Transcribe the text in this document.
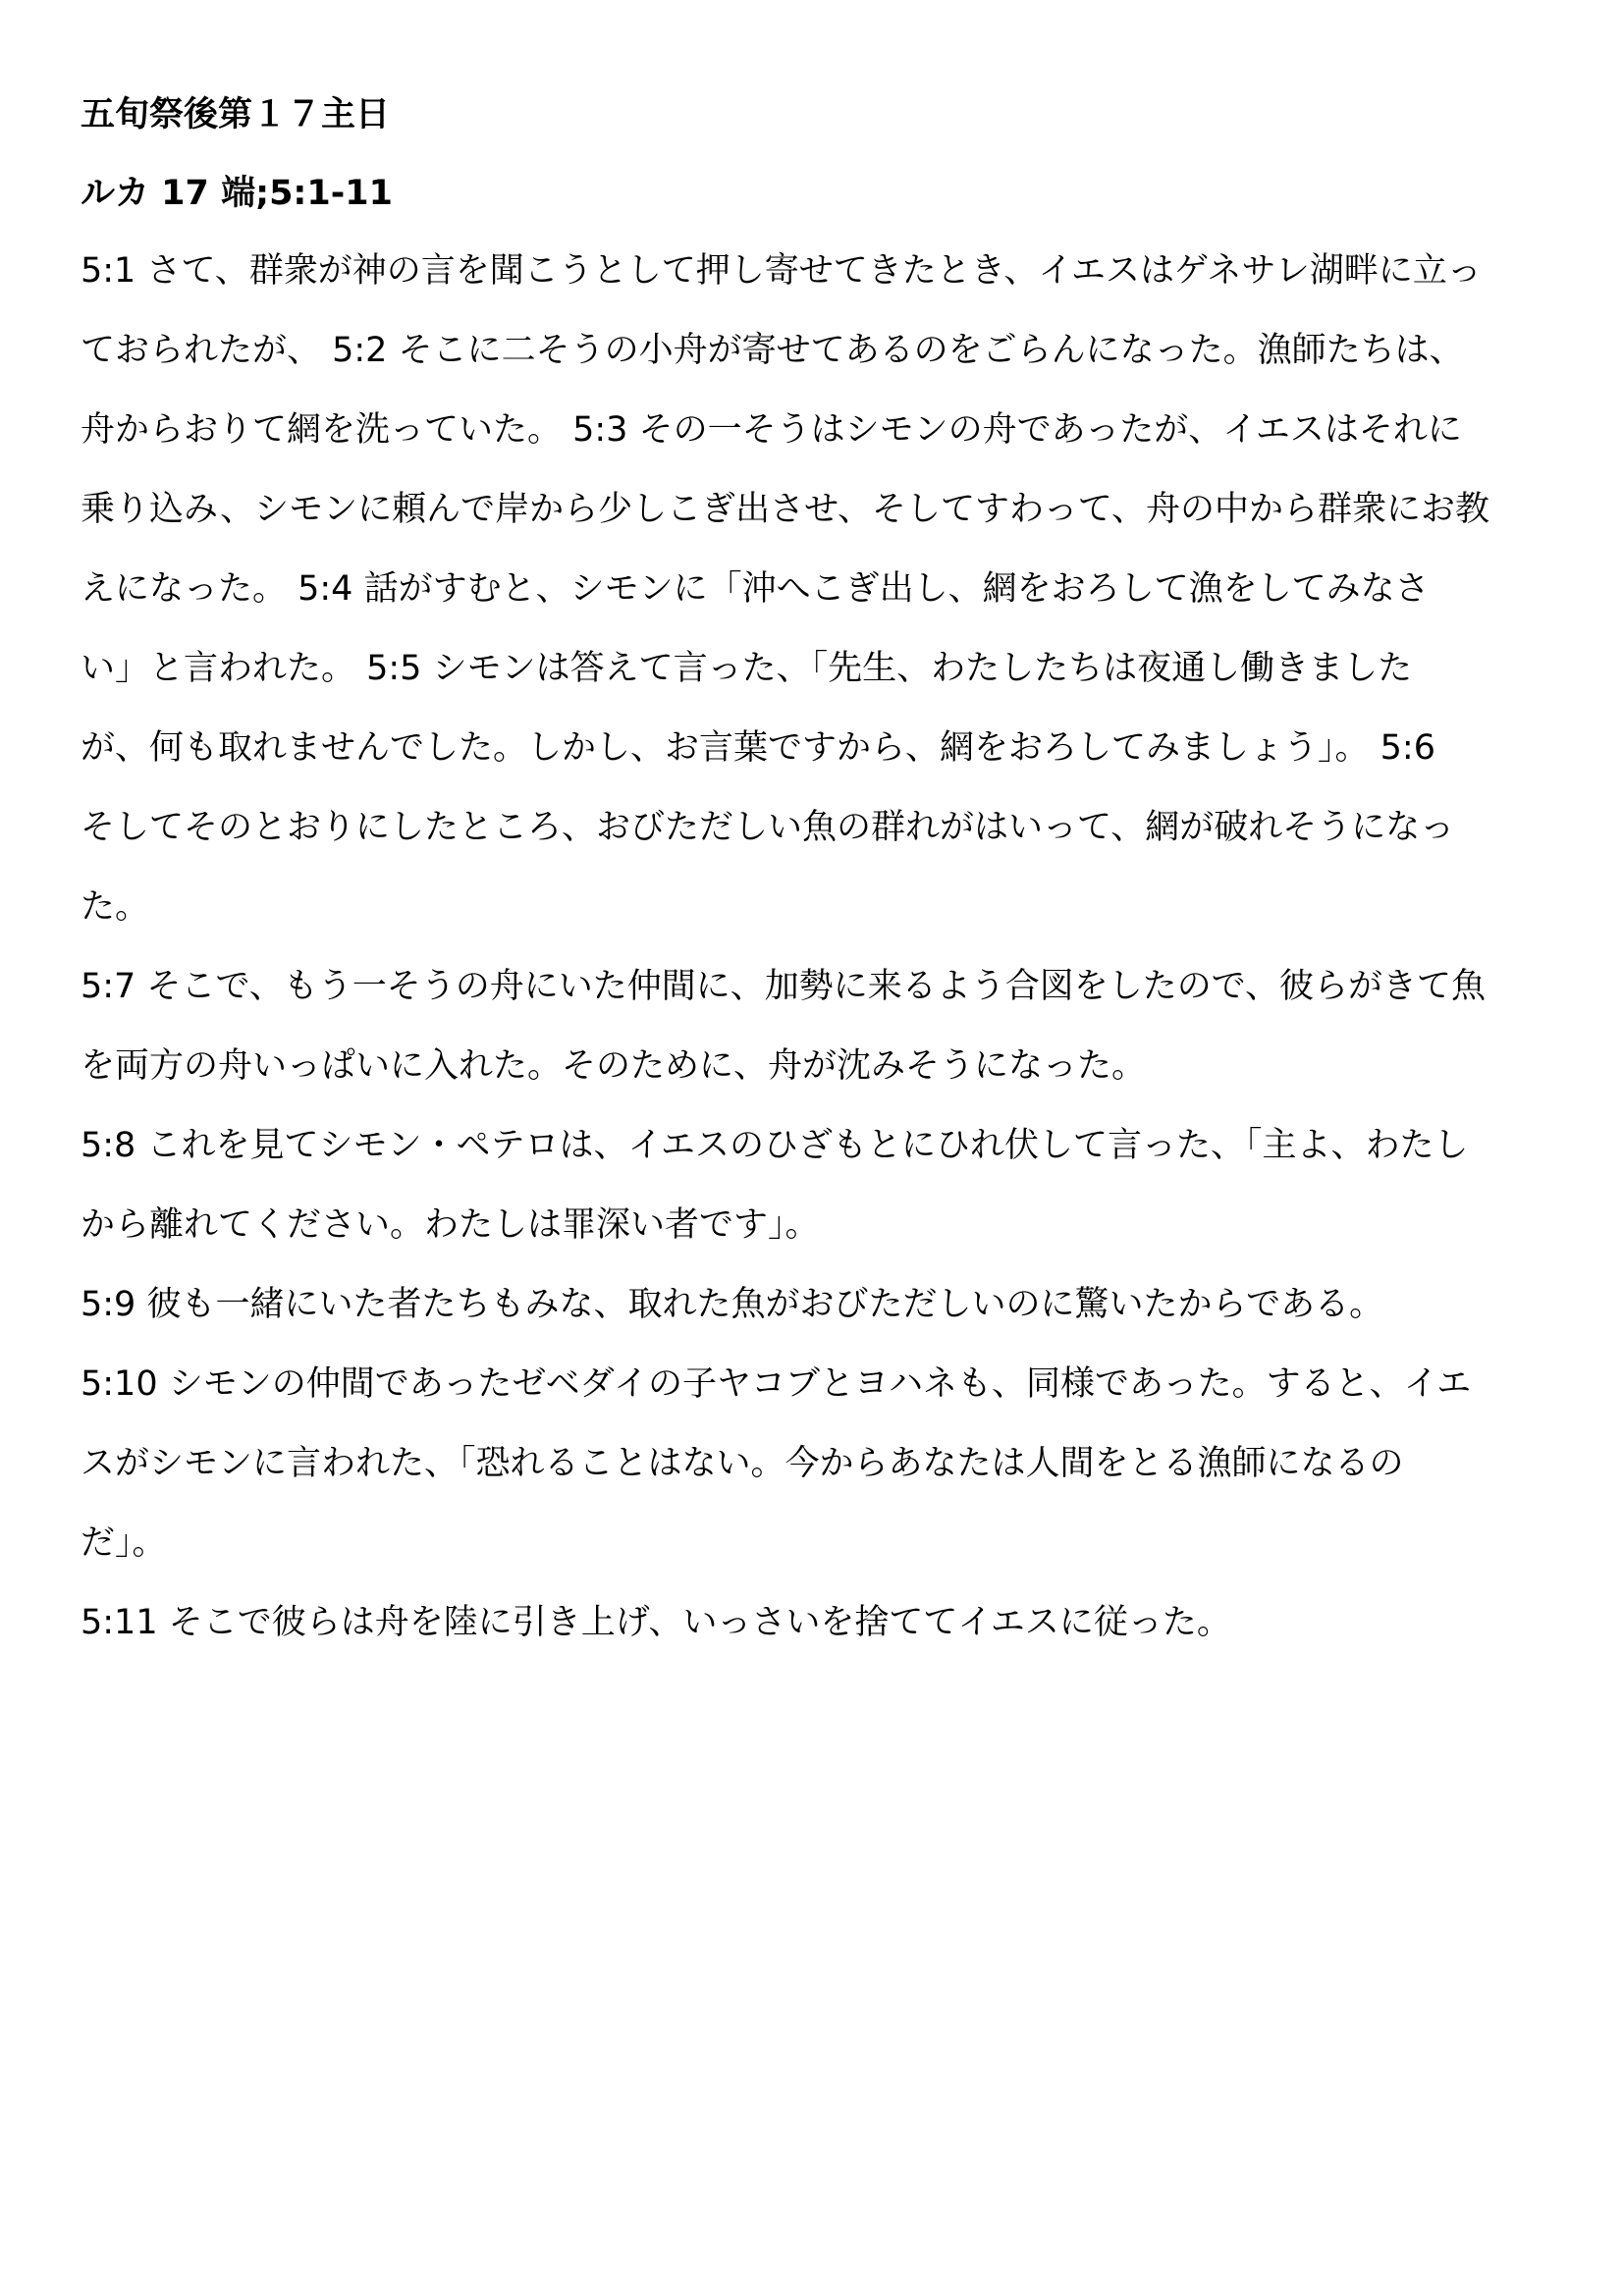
五旬祭後第１７主日
ルカ 17 端;5:1-11
5:1 さて、群衆が神の言を聞こうとして押し寄せてきたとき、イエスはゲネサレ湖畔に立っ
ておられたが、 5:2 そこに二そうの小舟が寄せてあるのをごらんになった。漁師たちは、
舟からおりて網を洗っていた。 5:3 その一そうはシモンの舟であったが、イエスはそれに
乗り込み、シモンに頼んで岸から少しこぎ出させ、そしてすわって、舟の中から群衆にお教
えになった。 5:4 話がすむと、シモンに「沖へこぎ出し、網をおろして漁をしてみなさ
い」と言われた。 5:5 シモンは答えて言った、「先生、わたしたちは夜通し働きました
が、何も取れませんでした。しかし、お言葉ですから、網をおろしてみましょう」。 5:6
そしてそのとおりにしたところ、おびただしい魚の群れがはいって、網が破れそうになっ
た。
5:7 そこで、もう一そうの舟にいた仲間に、加勢に来るよう合図をしたので、彼らがきて魚
を両方の舟いっぱいに入れた。そのために、舟が沈みそうになった。
5:8 これを見てシモン・ペテロは、イエスのひざもとにひれ伏して言った、「主よ、わたし
から離れてください。わたしは罪深い者です」。
5:9 彼も一緒にいた者たちもみな、取れた魚がおびただしいのに驚いたからである。
5:10 シモンの仲間であったゼベダイの子ヤコブとヨハネも、同様であった。すると、イエ
スがシモンに言われた、「恐れることはない。今からあなたは人間をとる漁師になるの
だ」。
5:11 そこで彼らは舟を陸に引き上げ、いっさいを捨ててイエスに従った。
